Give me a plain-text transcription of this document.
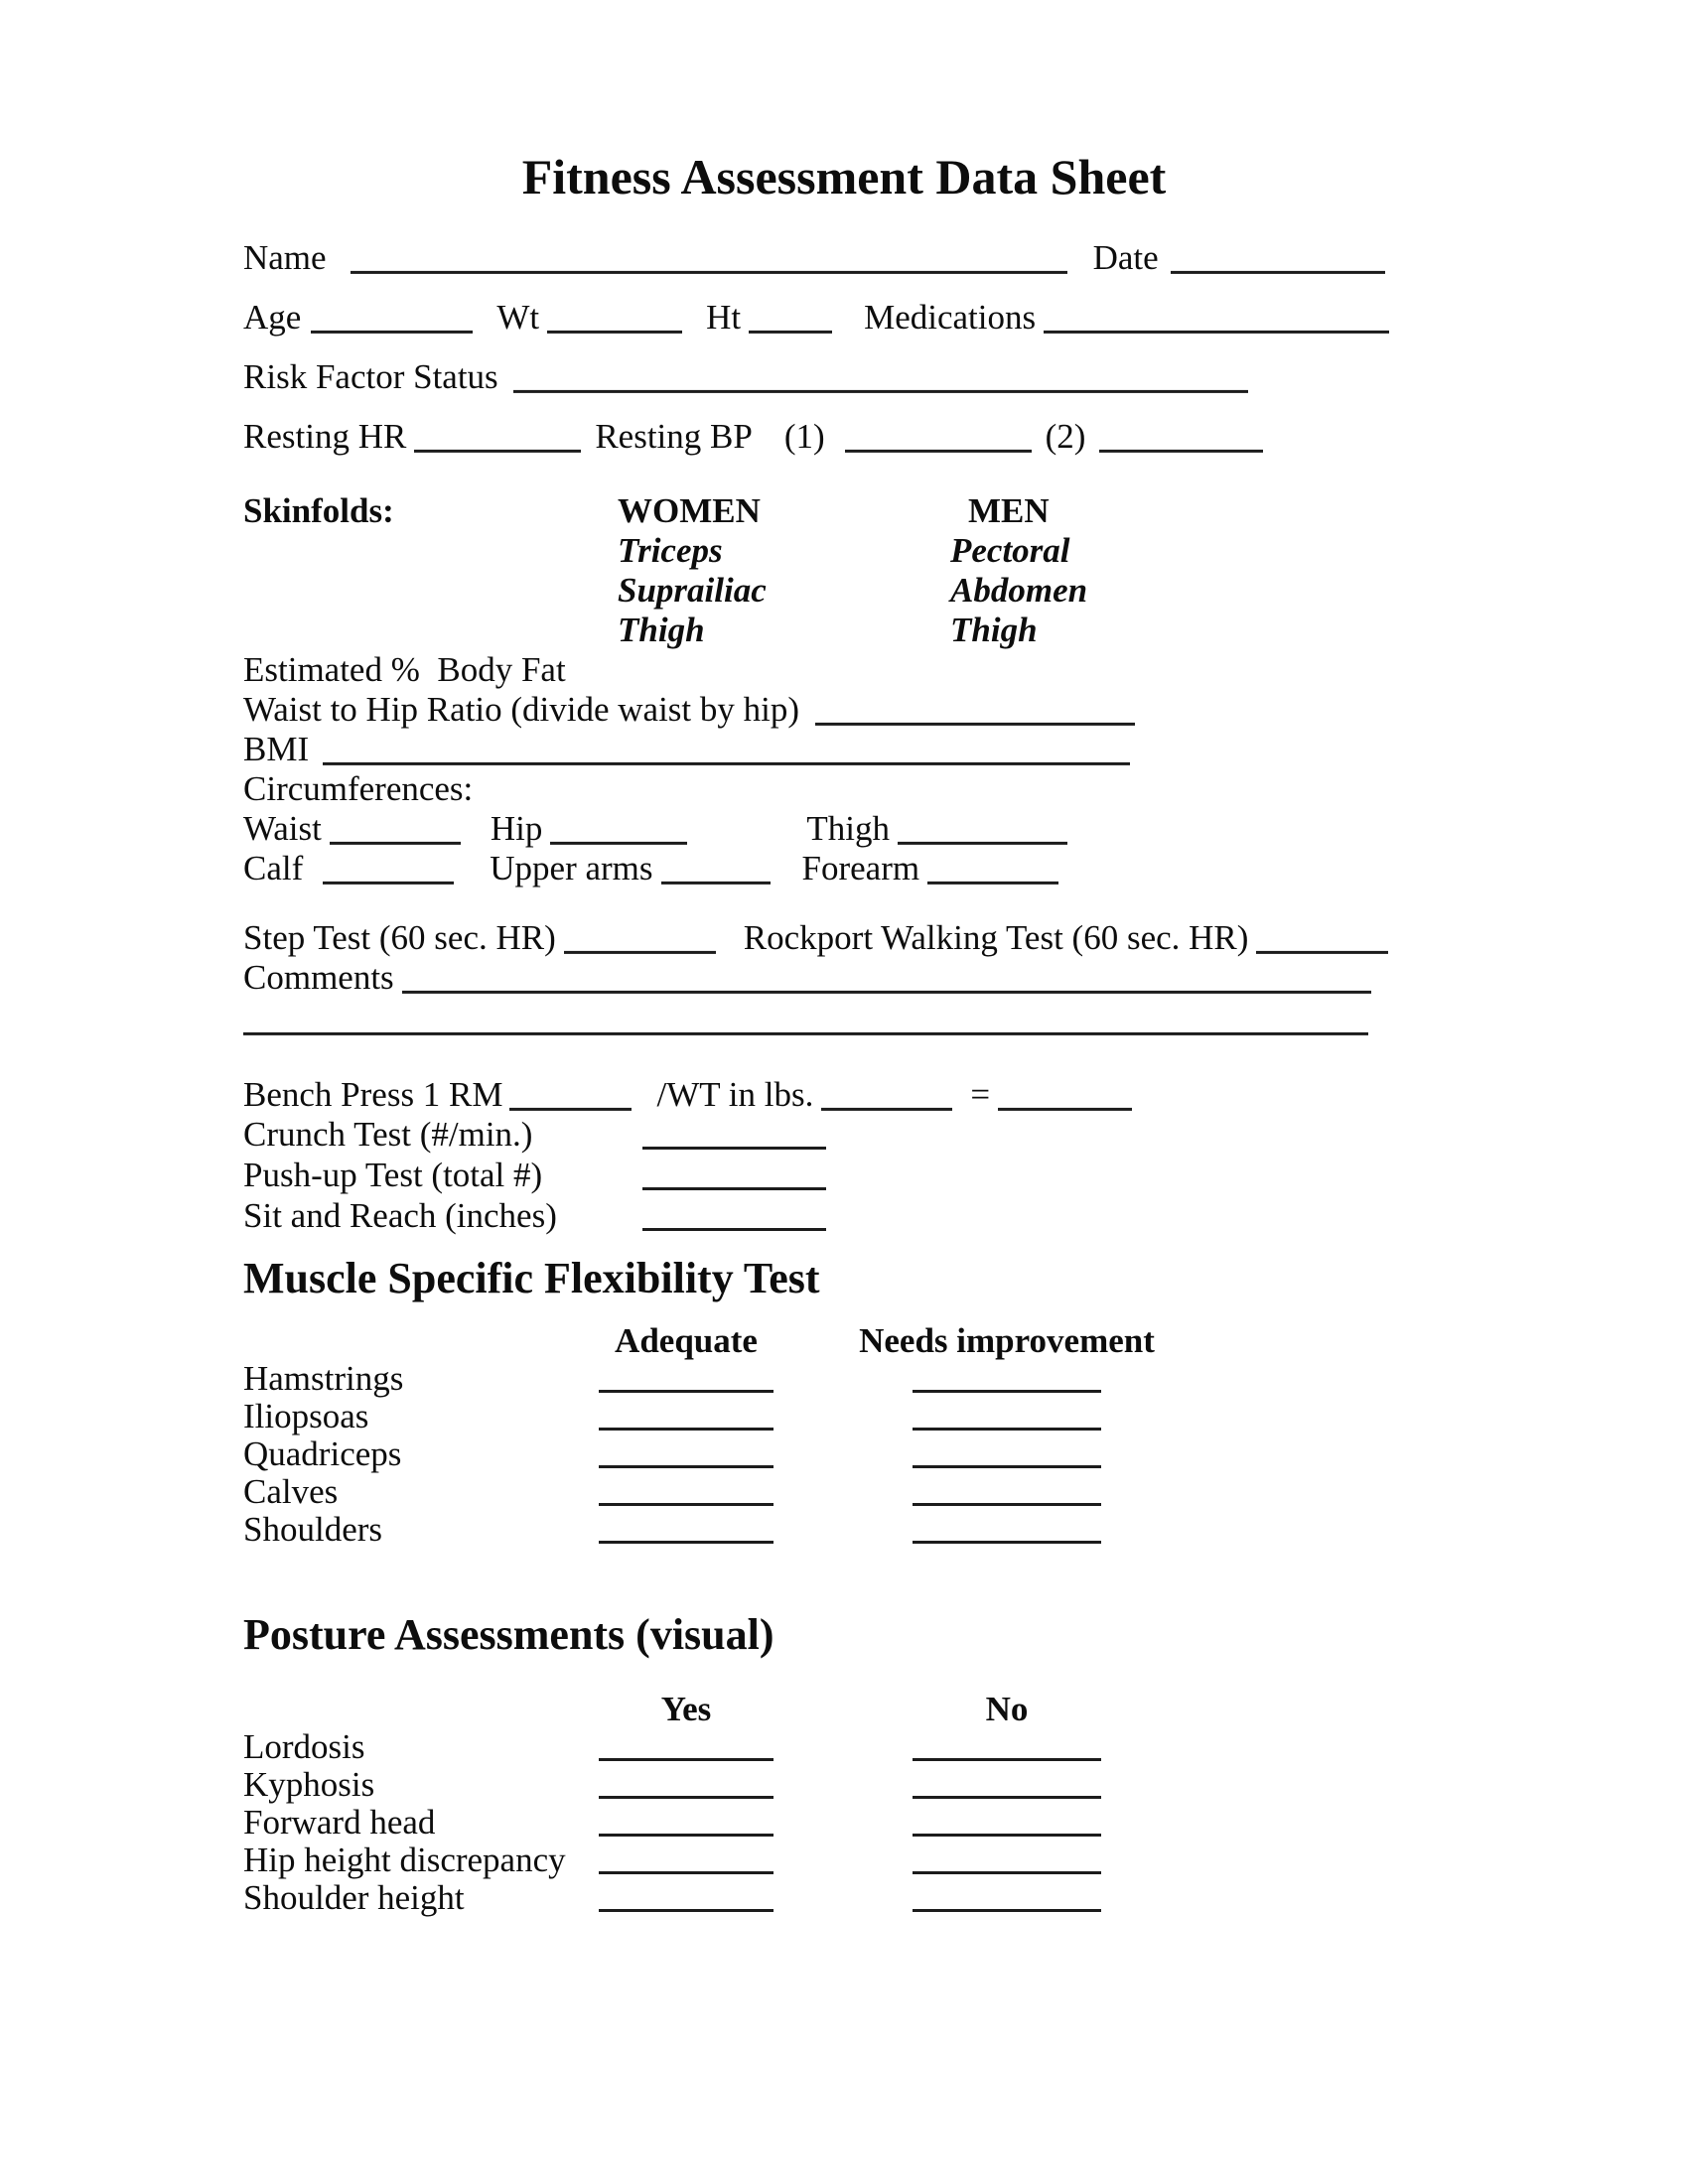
Fitness Assessment Data Sheet
Name	Date
Age	Wt	Ht	Medications
Risk Factor Status
Resting HR	Resting BP (1)	(2)
Skinfolds:	WOMEN	MEN
Triceps	Pectoral
Suprailiac	Abdomen
Thigh	Thigh
Estimated %  Body Fat
Waist to Hip Ratio (divide waist by hip)
BMI
Circumferences:
Waist	Hip	Thigh
Calf	Upper arms	Forearm
Step Test (60 sec. HR)	Rockport Walking Test (60 sec. HR)
Comments
Bench Press 1 RM	/WT in lbs.	=
Crunch Test (#/min.)
Push-up Test (total #)
Sit and Reach (inches)
Muscle Specific Flexibility Test
Adequate	Needs improvement
Hamstrings
Iliopsoas
Quadriceps
Calves
Shoulders
Posture Assessments (visual)
Yes	No
Lordosis
Kyphosis
Forward head
Hip height discrepancy
Shoulder height
